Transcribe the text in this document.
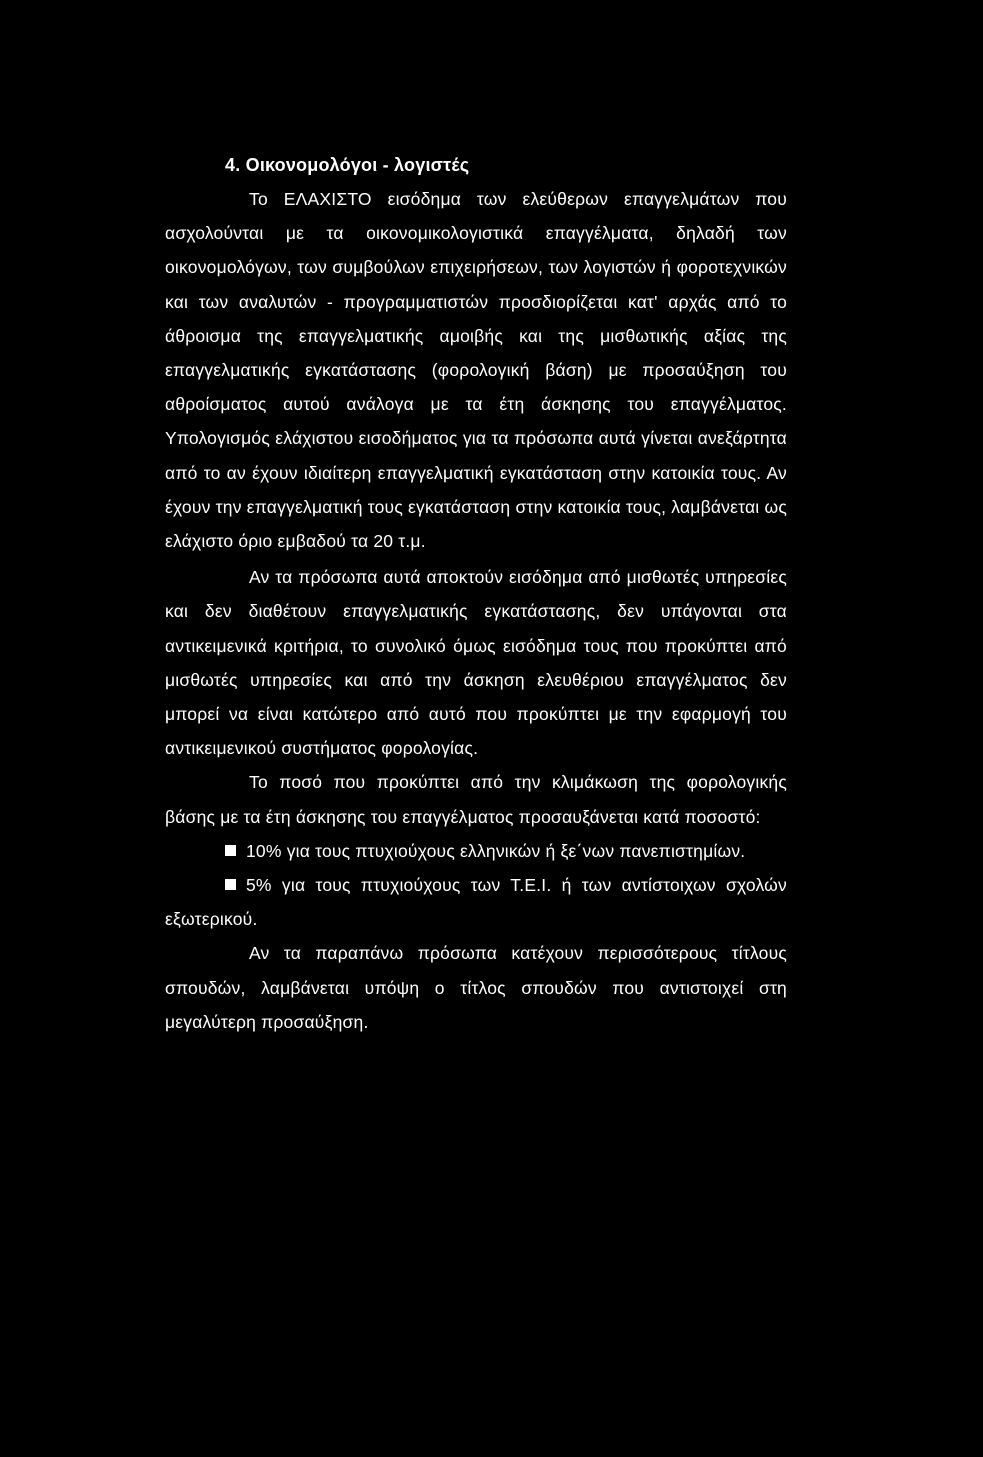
4. Οικονομολόγοι - λογιστές

Το ΕΛΑΧΙΣΤΟ εισόδημα των ελεύθερων επαγγελμάτων που ασχολούνται με τα οικονομικολογιστικά επαγγέλματα, δηλαδή των οικονομολόγων, των συμβούλων επιχειρήσεων, των λογιστών ή φοροτεχνικών και των αναλυτών - προγραμματιστών προσδιορίζεται κατ' αρχάς από το άθροισμα της επαγγελματικής αμοιβής και της μισθωτικής αξίας της επαγγελματικής εγκατάστασης (φορολογική βάση) με προσαύξηση του αθροίσματος αυτού ανάλογα με τα έτη άσκησης του επαγγέλματος. Υπολογισμός ελάχιστου εισοδήματος για τα πρόσωπα αυτά γίνεται ανεξάρτητα από το αν έχουν ιδιαίτερη επαγγελματική εγκατάσταση στην κατοικία τους. Αν έχουν την επαγγελματική τους εγκατάσταση στην κατοικία τους, λαμβάνεται ως ελάχιστο όριο εμβαδού τα 20 τ.μ.

Αν τα πρόσωπα αυτά αποκτούν εισόδημα από μισθωτές υπηρεσίες και δεν διαθέτουν επαγγελματικής εγκατάστασης, δεν υπάγονται στα αντικειμενικά κριτήρια, το συνολικό όμως εισόδημα τους που προκύπτει από μισθωτές υπηρεσίες και από την άσκηση ελευθέριου επαγγέλματος δεν μπορεί να είναι κατώτερο από αυτό που προκύπτει με την εφαρμογή του αντικειμενικού συστήματος φορολογίας.

Το ποσό που προκύπτει από την κλιμάκωση της φορολογικής βάσης με τα έτη άσκησης του επαγγέλματος προσαυξάνεται κατά ποσοστό:

10% για τους πτυχιούχους ελληνικών ή ξε΄νων πανεπιστημίων.
5% για τους πτυχιούχους των Τ.Ε.Ι. ή των αντίστοιχων σχολών εξωτερικού.

Αν τα παραπάνω πρόσωπα κατέχουν περισσότερους τίτλους σπουδών, λαμβάνεται υπόψη ο τίτλος σπουδών που αντιστοιχεί στη μεγαλύτερη προσαύξηση.
